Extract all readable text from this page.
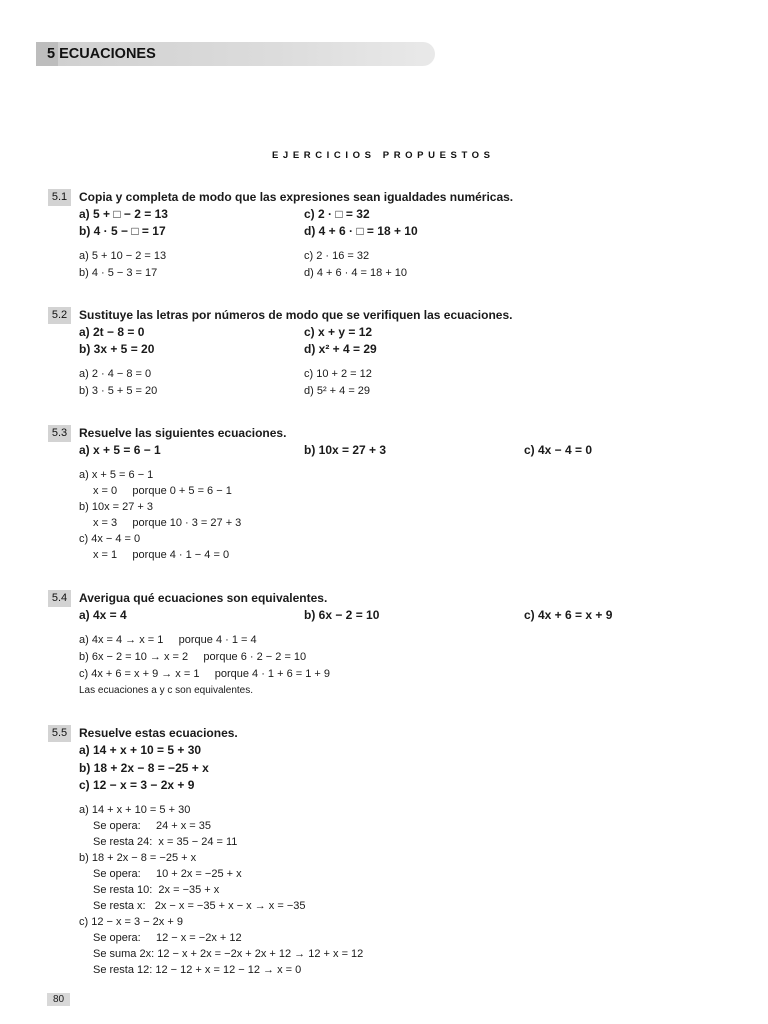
5 ECUACIONES
EJERCICIOS PROPUESTOS
5.1 Copia y completa de modo que las expresiones sean igualdades numéricas.
a) 5 + □ − 2 = 13	c) 2 · □ = 32
b) 4 · 5 − □ = 17	d) 4 + 6 · □ = 18 + 10
a) 5 + 10 − 2 = 13	c) 2 · 16 = 32
b) 4 · 5 − 3 = 17	d) 4 + 6 · 4 = 18 + 10
5.2 Sustituye las letras por números de modo que se verifiquen las ecuaciones.
a) 2t − 8 = 0	c) x + y = 12
b) 3x + 5 = 20	d) x² + 4 = 29
a) 2 · 4 − 8 = 0	c) 10 + 2 = 12
b) 3 · 5 + 5 = 20	d) 5² + 4 = 29
5.3 Resuelve las siguientes ecuaciones.
a) x + 5 = 6 − 1	b) 10x = 27 + 3	c) 4x − 4 = 0
a) x + 5 = 6 − 1
x = 0     porque 0 + 5 = 6 − 1
b) 10x = 27 + 3
x = 3     porque 10 · 3 = 27 + 3
c) 4x − 4 = 0
x = 1     porque 4 · 1 − 4 = 0
5.4 Averigua qué ecuaciones son equivalentes.
a) 4x = 4	b) 6x − 2 = 10	c) 4x + 6 = x + 9
a) 4x = 4 → x = 1     porque 4 · 1 = 4
b) 6x − 2 = 10 → x = 2     porque 6 · 2 − 2 = 10
c) 4x + 6 = x + 9 → x = 1     porque 4 · 1 + 6 = 1 + 9
Las ecuaciones a y c son equivalentes.
5.5 Resuelve estas ecuaciones.
a) 14 + x + 10 = 5 + 30
b) 18 + 2x − 8 = −25 + x
c) 12 − x = 3 − 2x + 9
a) 14 + x + 10 = 5 + 30
Se opera:     24 + x = 35
Se resta 24:  x = 35 − 24 = 11
b) 18 + 2x − 8 = −25 + x
Se opera:     10 + 2x = −25 + x
Se resta 10:  2x = −35 + x
Se resta x:   2x − x = −35 + x − x → x = −35
c) 12 − x = 3 − 2x + 9
Se opera:     12 − x = −2x + 12
Se suma 2x: 12 − x + 2x = −2x + 2x + 12 → 12 + x = 12
Se resta 12: 12 − 12 + x = 12 − 12 → x = 0
80
